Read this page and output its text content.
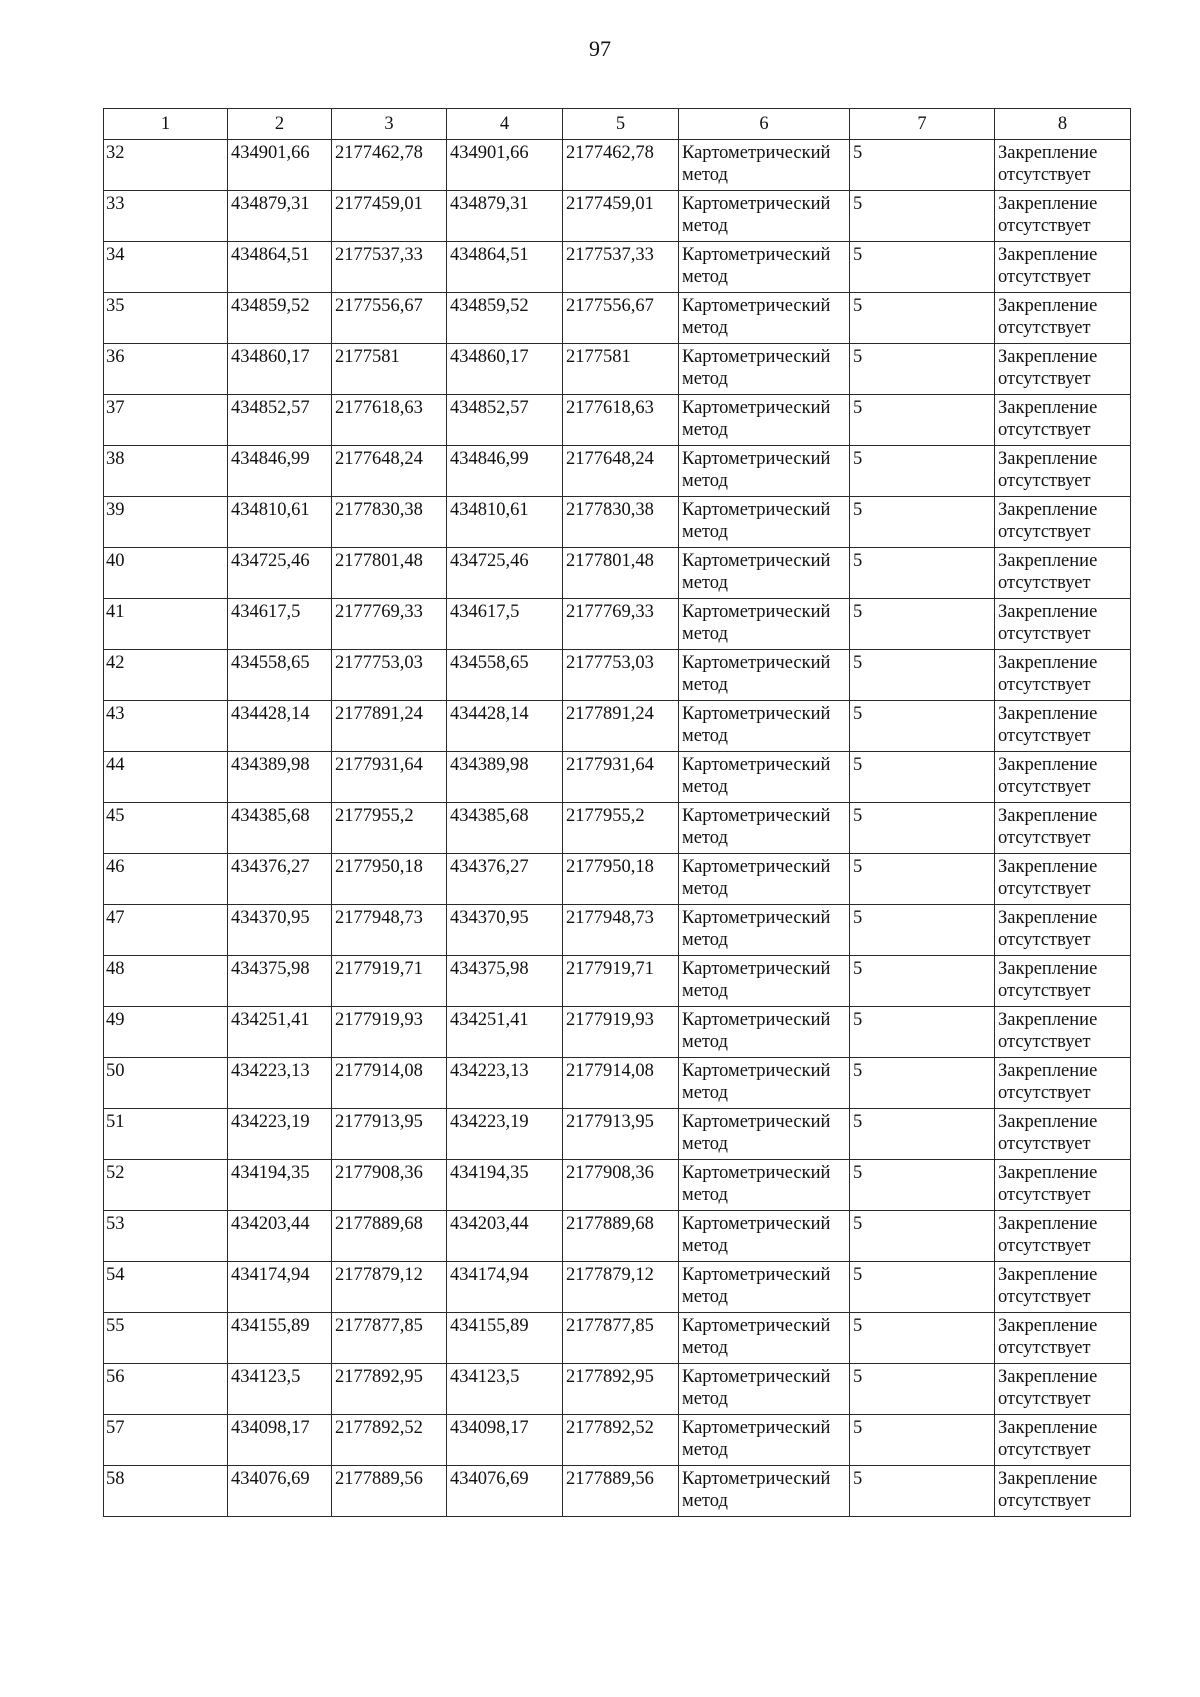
97
1	2	3	4	5	6	7	8
32	434901,66	2177462,78	434901,66	2177462,78	Картометрический метод	5	Закрепление отсутствует
33	434879,31	2177459,01	434879,31	2177459,01	Картометрический метод	5	Закрепление отсутствует
34	434864,51	2177537,33	434864,51	2177537,33	Картометрический метод	5	Закрепление отсутствует
35	434859,52	2177556,67	434859,52	2177556,67	Картометрический метод	5	Закрепление отсутствует
36	434860,17	2177581	434860,17	2177581	Картометрический метод	5	Закрепление отсутствует
37	434852,57	2177618,63	434852,57	2177618,63	Картометрический метод	5	Закрепление отсутствует
38	434846,99	2177648,24	434846,99	2177648,24	Картометрический метод	5	Закрепление отсутствует
39	434810,61	2177830,38	434810,61	2177830,38	Картометрический метод	5	Закрепление отсутствует
40	434725,46	2177801,48	434725,46	2177801,48	Картометрический метод	5	Закрепление отсутствует
41	434617,5	2177769,33	434617,5	2177769,33	Картометрический метод	5	Закрепление отсутствует
42	434558,65	2177753,03	434558,65	2177753,03	Картометрический метод	5	Закрепление отсутствует
43	434428,14	2177891,24	434428,14	2177891,24	Картометрический метод	5	Закрепление отсутствует
44	434389,98	2177931,64	434389,98	2177931,64	Картометрический метод	5	Закрепление отсутствует
45	434385,68	2177955,2	434385,68	2177955,2	Картометрический метод	5	Закрепление отсутствует
46	434376,27	2177950,18	434376,27	2177950,18	Картометрический метод	5	Закрепление отсутствует
47	434370,95	2177948,73	434370,95	2177948,73	Картометрический метод	5	Закрепление отсутствует
48	434375,98	2177919,71	434375,98	2177919,71	Картометрический метод	5	Закрепление отсутствует
49	434251,41	2177919,93	434251,41	2177919,93	Картометрический метод	5	Закрепление отсутствует
50	434223,13	2177914,08	434223,13	2177914,08	Картометрический метод	5	Закрепление отсутствует
51	434223,19	2177913,95	434223,19	2177913,95	Картометрический метод	5	Закрепление отсутствует
52	434194,35	2177908,36	434194,35	2177908,36	Картометрический метод	5	Закрепление отсутствует
53	434203,44	2177889,68	434203,44	2177889,68	Картометрический метод	5	Закрепление отсутствует
54	434174,94	2177879,12	434174,94	2177879,12	Картометрический метод	5	Закрепление отсутствует
55	434155,89	2177877,85	434155,89	2177877,85	Картометрический метод	5	Закрепление отсутствует
56	434123,5	2177892,95	434123,5	2177892,95	Картометрический метод	5	Закрепление отсутствует
57	434098,17	2177892,52	434098,17	2177892,52	Картометрический метод	5	Закрепление отсутствует
58	434076,69	2177889,56	434076,69	2177889,56	Картометрический метод	5	Закрепление отсутствует
